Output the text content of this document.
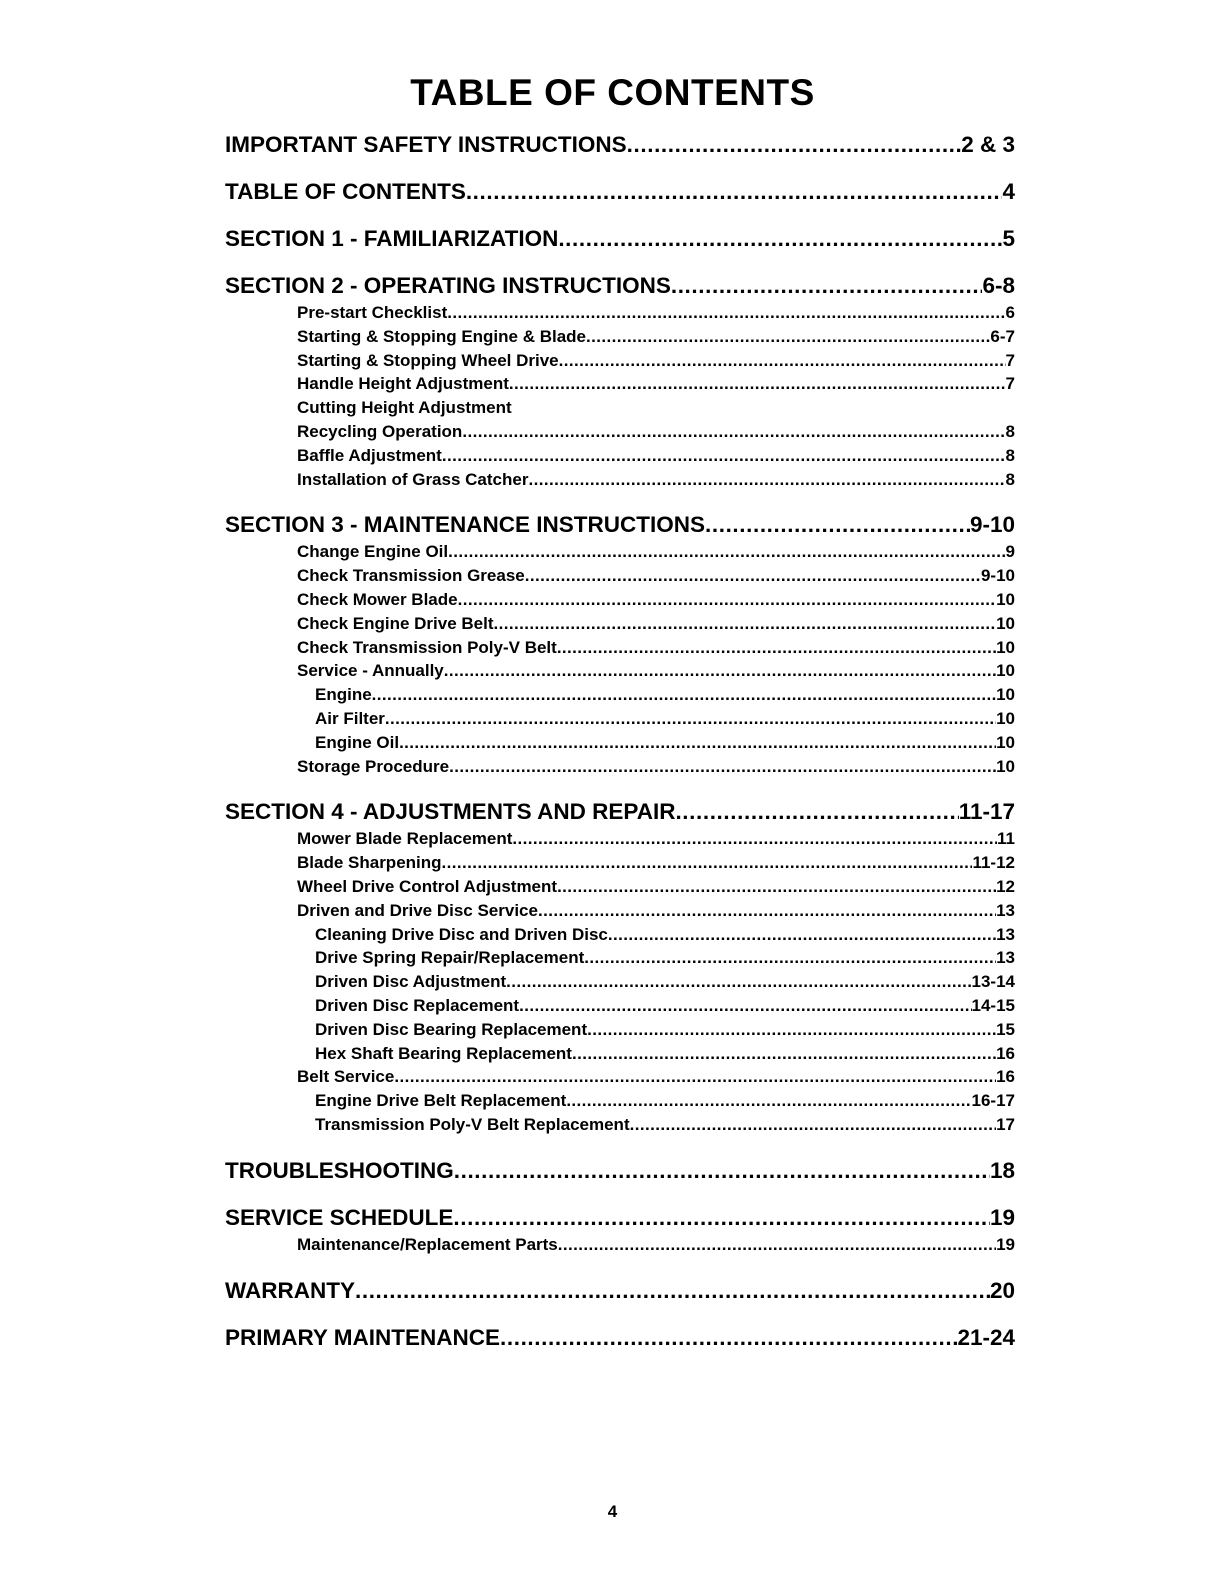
TABLE OF CONTENTS
IMPORTANT SAFETY INSTRUCTIONS .....	2 & 3
TABLE OF CONTENTS .....	4
SECTION 1 - FAMILIARIZATION .....	5
SECTION 2 - OPERATING INSTRUCTIONS .....	6-8
Pre-start Checklist .....	6
Starting & Stopping Engine & Blade .....	6-7
Starting & Stopping Wheel Drive .....	7
Handle Height Adjustment .....	7
Cutting Height Adjustment
Recycling Operation .....	8
Baffle Adjustment .....	8
Installation of Grass Catcher .....	8
SECTION 3 - MAINTENANCE INSTRUCTIONS .....	9-10
Change Engine Oil .....	9
Check Transmission Grease .....	9-10
Check Mower Blade .....	10
Check Engine Drive Belt .....	10
Check Transmission Poly-V Belt .....	10
Service - Annually .....	10
Engine .....	10
Air Filter .....	10
Engine Oil .....	10
Storage Procedure .....	10
SECTION 4 - ADJUSTMENTS AND REPAIR .....	11-17
Mower Blade Replacement .....	11
Blade Sharpening .....	11-12
Wheel Drive Control Adjustment .....	12
Driven and Drive Disc Service .....	13
Cleaning Drive Disc and Driven Disc .....	13
Drive Spring Repair/Replacement .....	13
Driven Disc Adjustment .....	13-14
Driven Disc Replacement .....	14-15
Driven Disc Bearing Replacement .....	15
Hex Shaft Bearing Replacement .....	16
Belt Service .....	16
Engine Drive Belt Replacement .....	16-17
Transmission Poly-V Belt Replacement .....	17
TROUBLESHOOTING .....	18
SERVICE SCHEDULE .....	19
Maintenance/Replacement Parts .....	19
WARRANTY .....	20
PRIMARY MAINTENANCE .....	21-24
4
